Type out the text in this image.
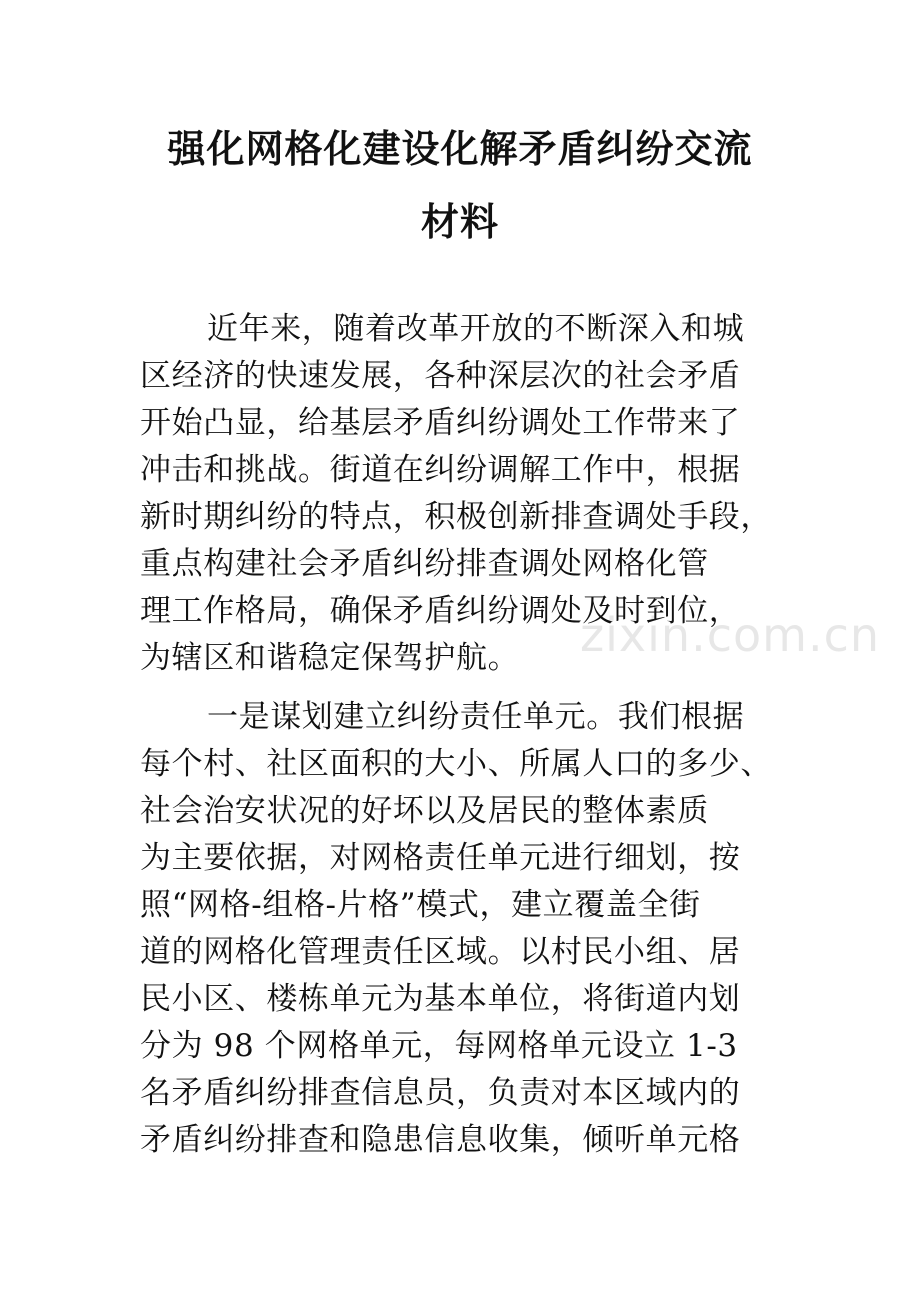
强化网格化建设化解矛盾纠纷交流
材料
zixin.com.cn
近年来，随着改革开放的不断深入和城
区经济的快速发展，各种深层次的社会矛盾
开始凸显，给基层矛盾纠纷调处工作带来了
冲击和挑战。街道在纠纷调解工作中，根据
新时期纠纷的特点，积极创新排查调处手段，
重点构建社会矛盾纠纷排查调处网格化管
理工作格局，确保矛盾纠纷调处及时到位，
为辖区和谐稳定保驾护航。
一是谋划建立纠纷责任单元。我们根据
每个村、社区面积的大小、所属人口的多少、
社会治安状况的好坏以及居民的整体素质
为主要依据，对网格责任单元进行细划，按
照“网格-组格-片格”模式，建立覆盖全街
道的网格化管理责任区域。以村民小组、居
民小区、楼栋单元为基本单位，将街道内划
分为 98 个网格单元，每网格单元设立 1-3
名矛盾纠纷排查信息员，负责对本区域内的
矛盾纠纷排查和隐患信息收集，倾听单元格
